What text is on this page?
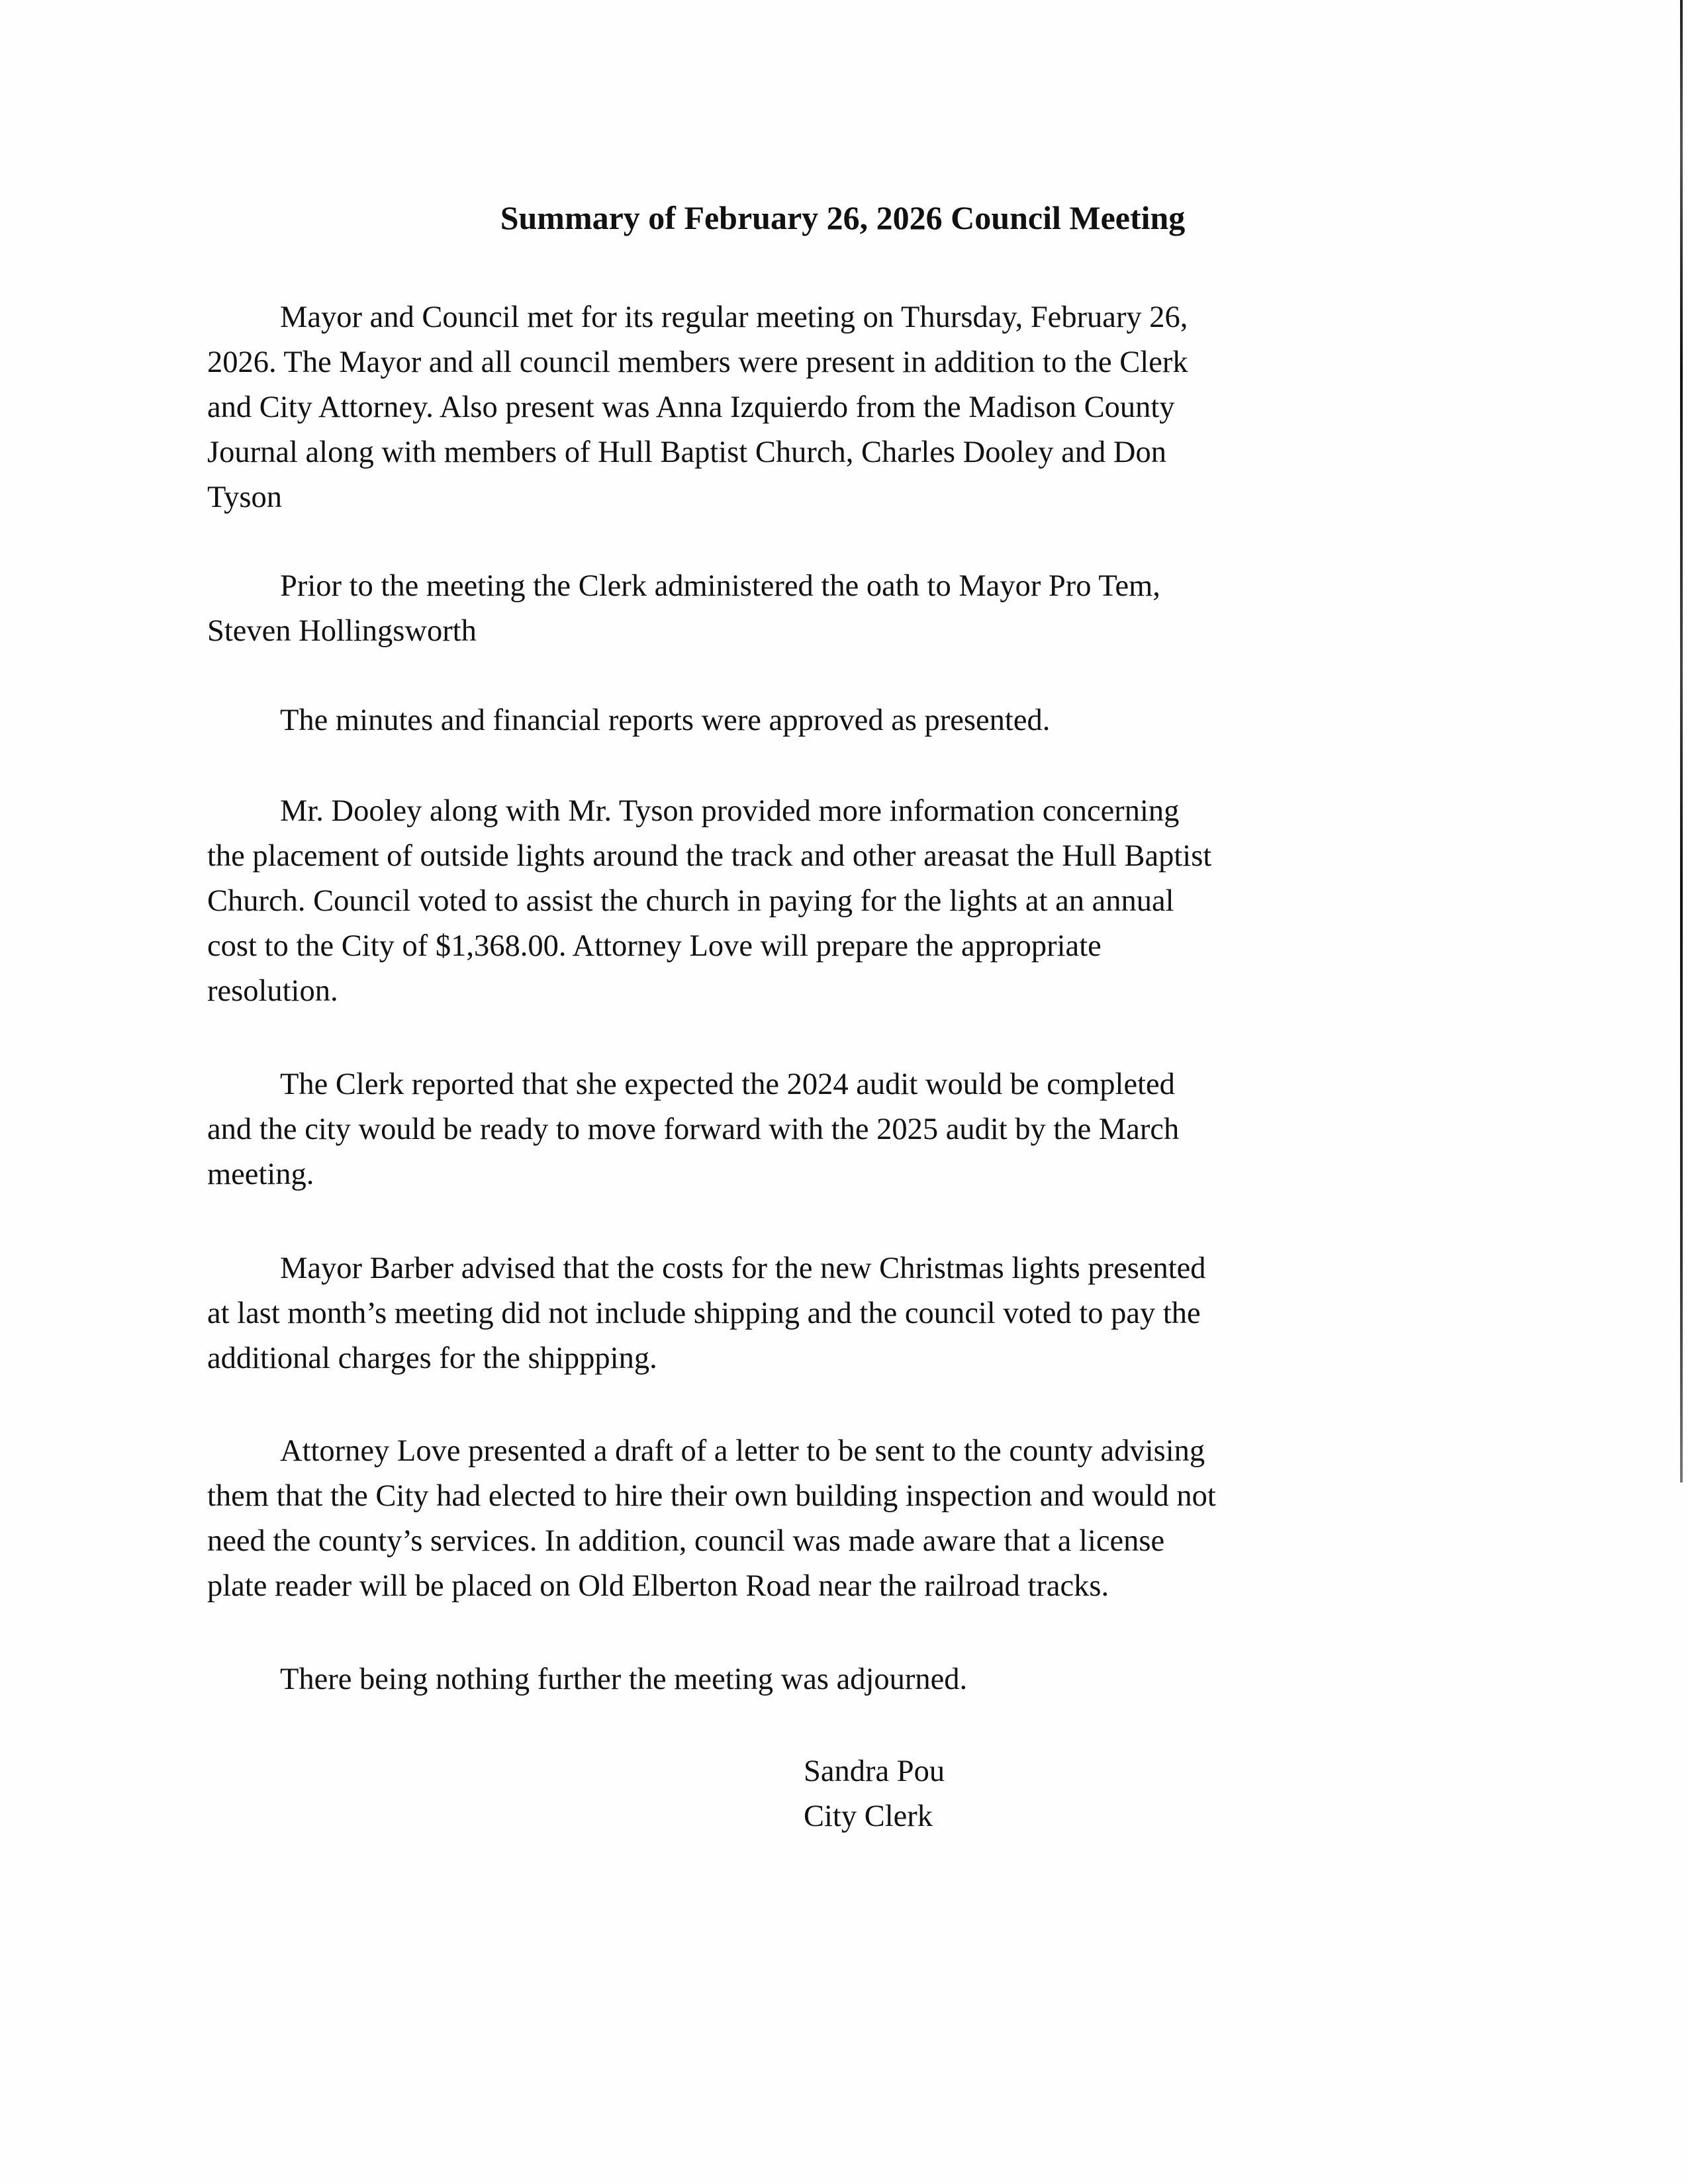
Summary of February 26, 2026 Council Meeting
Mayor and Council met for its regular meeting on Thursday, February 26,
2026. The Mayor and all council members were present in addition to the Clerk
and City Attorney. Also present was Anna Izquierdo from the Madison County
Journal along with members of Hull Baptist Church, Charles Dooley and Don
Tyson
Prior to the meeting the Clerk administered the oath to Mayor Pro Tem,
Steven Hollingsworth
The minutes and financial reports were approved as presented.
Mr. Dooley along with Mr. Tyson provided more information concerning
the placement of outside lights around the track and other areasat the Hull Baptist
Church. Council voted to assist the church in paying for the lights at an annual
cost to the City of $1,368.00. Attorney Love will prepare the appropriate
resolution.
The Clerk reported that she expected the 2024 audit would be completed
and the city would be ready to move forward with the 2025 audit by the March
meeting.
Mayor Barber advised that the costs for the new Christmas lights presented
at last month’s meeting did not include shipping and the council voted to pay the
additional charges for the shippping.
Attorney Love presented a draft of a letter to be sent to the county advising
them that the City had elected to hire their own building inspection and would not
need the county’s services. In addition, council was made aware that a license
plate reader will be placed on Old Elberton Road near the railroad tracks.
There being nothing further the meeting was adjourned.
Sandra Pou
City Clerk
